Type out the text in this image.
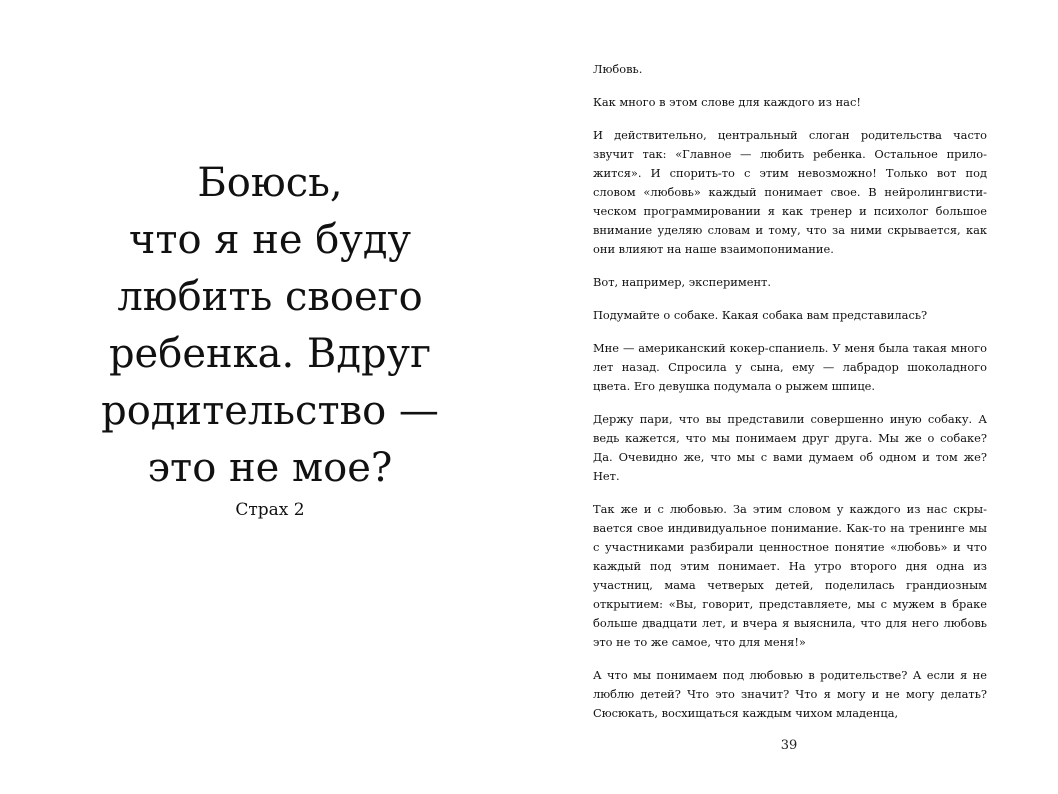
Боюсь,
что я не буду
любить своего
ребенка. Вдруг
родительство —
это не мое?

Страх 2

Любовь.

Как много в этом слове для каждого из нас!

И действительно, центральный слоган родительства часто звучит так: «Главное — любить ребенка. Остальное приложится». И спорить-то с этим невозможно! Только вот под словом «любовь» каждый понимает свое. В нейролингвистическом программировании я как тренер и психолог большое внимание уделяю словам и тому, что за ними скрывается, как они влияют на наше взаимопонимание.

Вот, например, эксперимент.

Подумайте о собаке. Какая собака вам представилась?

Мне — американский кокер-спаниель. У меня была такая много лет назад. Спросила у сына, ему — лабрадор шоколадного цвета. Его девушка подумала о рыжем шпице.

Держу пари, что вы представили совершенно иную собаку. А ведь кажется, что мы понимаем друг друга. Мы же о собаке? Да. Очевидно же, что мы с вами думаем об одном и том же? Нет.

Так же и с любовью. За этим словом у каждого из нас скрывается свое индивидуальное понимание. Как-то на тренинге мы с участниками разбирали ценностное понятие «любовь» и что каждый под этим понимает. На утро второго дня одна из участниц, мама четверых детей, поделилась грандиозным открытием: «Вы, говорит, представляете, мы с мужем в браке больше двадцати лет, и вчера я выяснила, что для него любовь это не то же самое, что для меня!»

А что мы понимаем под любовью в родительстве? А если я не люблю детей? Что это значит? Что я могу и не могу делать? Сюсюкать, восхищаться каждым чихом младенца,

39
